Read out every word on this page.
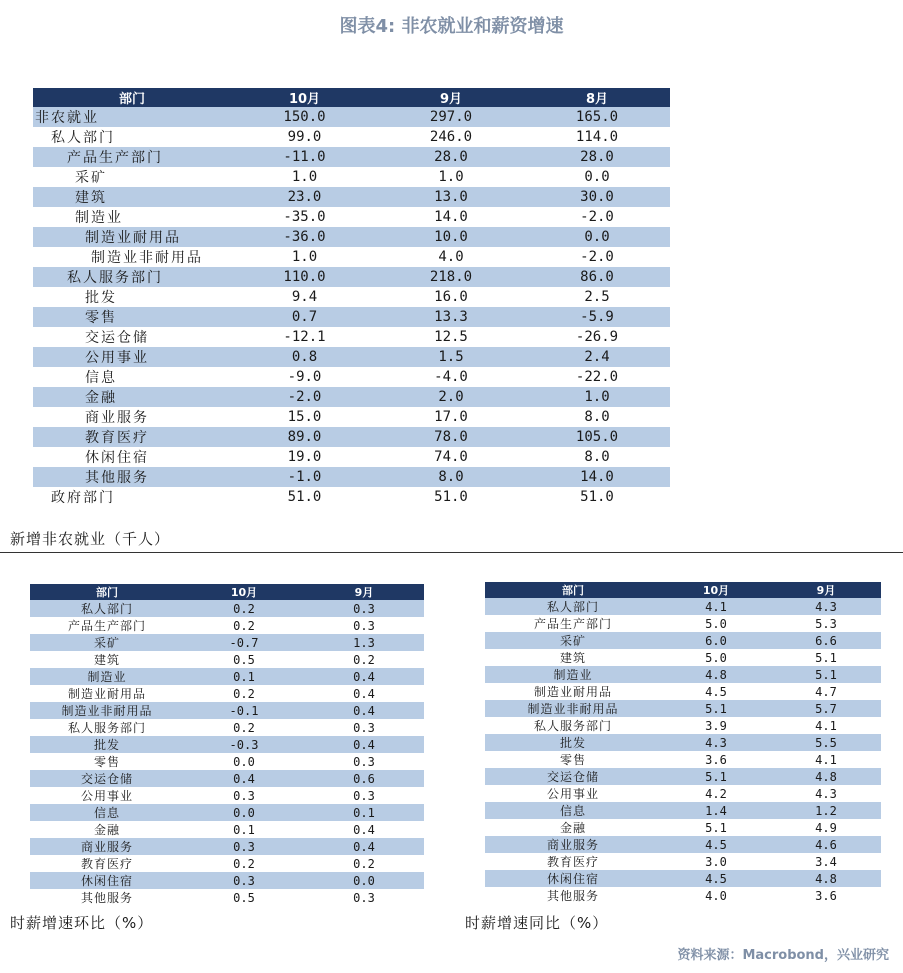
图表4: 非农就业和薪资增速
部门	10月	9月	8月
非农就业	150.0	297.0	165.0
私人部门	99.0	246.0	114.0
产品生产部门	-11.0	28.0	28.0
采矿	1.0	1.0	0.0
建筑	23.0	13.0	30.0
制造业	-35.0	14.0	-2.0
制造业耐用品	-36.0	10.0	0.0
制造业非耐用品	1.0	4.0	-2.0
私人服务部门	110.0	218.0	86.0
批发	9.4	16.0	2.5
零售	0.7	13.3	-5.9
交运仓储	-12.1	12.5	-26.9
公用事业	0.8	1.5	2.4
信息	-9.0	-4.0	-22.0
金融	-2.0	2.0	1.0
商业服务	15.0	17.0	8.0
教育医疗	89.0	78.0	105.0
休闲住宿	19.0	74.0	8.0
其他服务	-1.0	8.0	14.0
政府部门	51.0	51.0	51.0
新增非农就业（千人）
部门	10月	9月
私人部门	0.2	0.3
产品生产部门	0.2	0.3
采矿	-0.7	1.3
建筑	0.5	0.2
制造业	0.1	0.4
制造业耐用品	0.2	0.4
制造业非耐用品	-0.1	0.4
私人服务部门	0.2	0.3
批发	-0.3	0.4
零售	0.0	0.3
交运仓储	0.4	0.6
公用事业	0.3	0.3
信息	0.0	0.1
金融	0.1	0.4
商业服务	0.3	0.4
教育医疗	0.2	0.2
休闲住宿	0.3	0.0
其他服务	0.5	0.3
部门	10月	9月
私人部门	4.1	4.3
产品生产部门	5.0	5.3
采矿	6.0	6.6
建筑	5.0	5.1
制造业	4.8	5.1
制造业耐用品	4.5	4.7
制造业非耐用品	5.1	5.7
私人服务部门	3.9	4.1
批发	4.3	5.5
零售	3.6	4.1
交运仓储	5.1	4.8
公用事业	4.2	4.3
信息	1.4	1.2
金融	5.1	4.9
商业服务	4.5	4.6
教育医疗	3.0	3.4
休闲住宿	4.5	4.8
其他服务	4.0	3.6
时薪增速环比（%）	时薪增速同比（%）
资料来源：Macrobond，兴业研究
